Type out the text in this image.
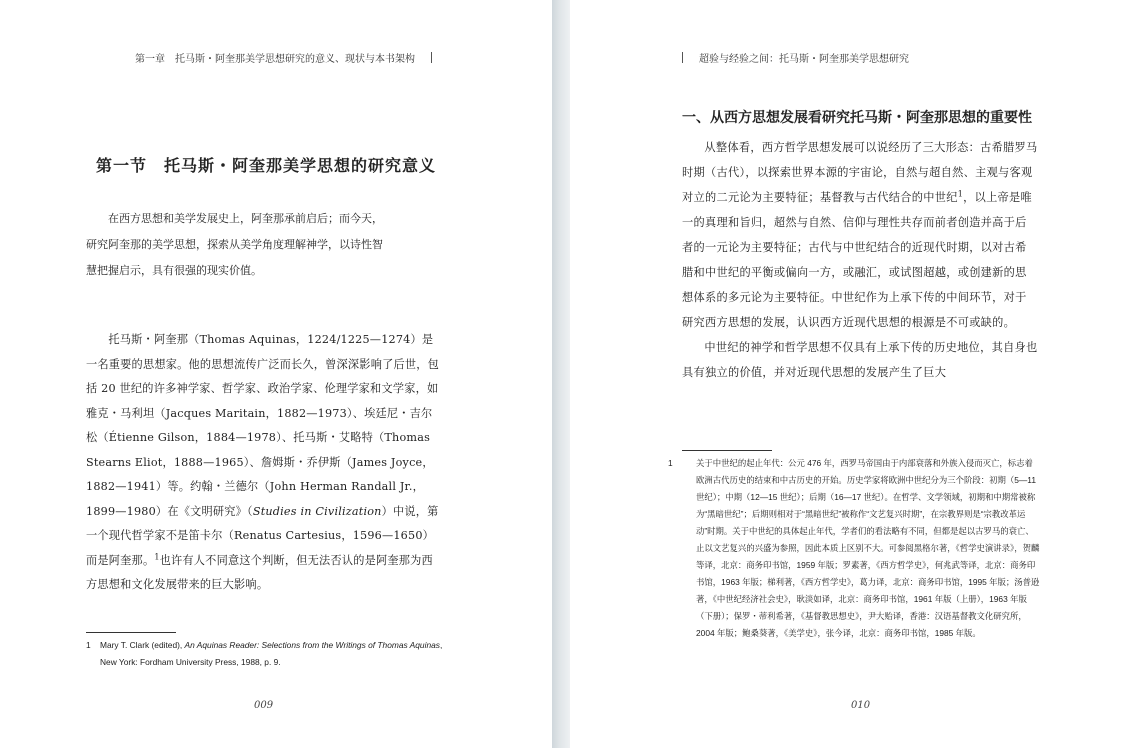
第一章　托马斯・阿奎那美学思想研究的意义、现状与本书架构
第一节　托马斯・阿奎那美学思想的研究意义

在西方思想和美学发展史上，阿奎那承前启后；而今天，

研究阿奎那的美学思想，探索从美学角度理解神学，以诗性智
慧把握启示，具有很强的现实价值。

托马斯・阿奎那（Thomas Aquinas，1224/1225—1274）是一名重要的思想家。他的思想流传广泛而长久，曾深深影响了后世，包括 20 世纪的许多神学家、哲学家、政治学家、伦理学家和文学家，如雅克・马利坦（Jacques Maritain，1882—1973）、埃廷尼・吉尔松（Étienne Gilson，1884—1978）、托马斯・艾略特（Thomas Stearns Eliot，1888—1965）、詹姆斯・乔伊斯（James Joyce，1882—1941）等。约翰・兰德尔（John Herman Randall Jr.，1899—1980）在《文明研究》（Studies in Civilization）中说，第一个现代哲学家不是笛卡尔（Renatus Cartesius，1596—1650）而是阿奎那。$^1$也许有人不同意这个判断，但无法否认的是阿奎那为西方思想和文化发展带来的巨大影响。

1 Mary T. Clark (edited), An Aquinas Reader: Selections from the Writings of Thomas Aquinas,
New York: Fordham University Press, 1988, p. 9.
009
超验与经验之间：托马斯・阿奎那美学思想研究
一、从西方思想发展看研究托马斯・阿奎那思想的重要性

从整体看，西方哲学思想发展可以说经历了三大形态：古希腊罗马时期（古代），以探索世界本源的宇宙论，自然与超自然、主观与客观对立的二元论为主要特征；基督教与古代结合的中世纪$^1$，以上帝是唯一的真理和旨归，超然与自然、信仰与理性共存而前者创造并高于后者的一元论为主要特征；古代与中世纪结合的近现代时期，以对古希腊和中世纪的平衡或偏向一方，或融汇，或试图超越，或创建新的思想体系的多元论为主要特征。中世纪作为上承下传的中间环节，对于研究西方思想的发展，认识西方近现代思想的根源是不可或缺的。

中世纪的神学和哲学思想不仅具有上承下传的历史地位，其自身也具有独立的价值，并对近现代思想的发展产生了巨大

1	关于中世纪的起止年代：公元 476 年，西罗马帝国由于内部衰落和外族入侵而灭亡，标志着欧洲古代历史的结束和中古历史的开始。历史学家将欧洲中世纪分为三个阶段：初期（5—11 世纪）；中期（12—15 世纪）；后期（16—17 世纪）。在哲学、文学领域，初期和中期常被称为“黑暗世纪”；后期则相对于“黑暗世纪”被称作“文艺复兴时期”，在宗教界则是“宗教改革运动”时期。关于中世纪的具体起止年代，学者们的看法略有不同，但都是起以古罗马的衰亡、止以文艺复兴的兴盛为参照，因此本质上区别不大。可参阅黑格尔著，《哲学史演讲录》，贺麟等译，北京：商务印书馆，1959 年版；罗素著，《西方哲学史》，何兆武等译，北京：商务印书馆，1963 年版；梯利著，《西方哲学史》，葛力译，北京：商务印书馆，1995 年版；汤普逊著，《中世纪经济社会史》，耿淡如译，北京：商务印书馆，1961 年版（上册），1963 年版（下册）；保罗・蒂利希著，《基督教思想史》，尹大贻译，香港：汉语基督教文化研究所，2004 年版；鲍桑葵著，《美学史》，张今译，北京：商务印书馆，1985 年版。
010
